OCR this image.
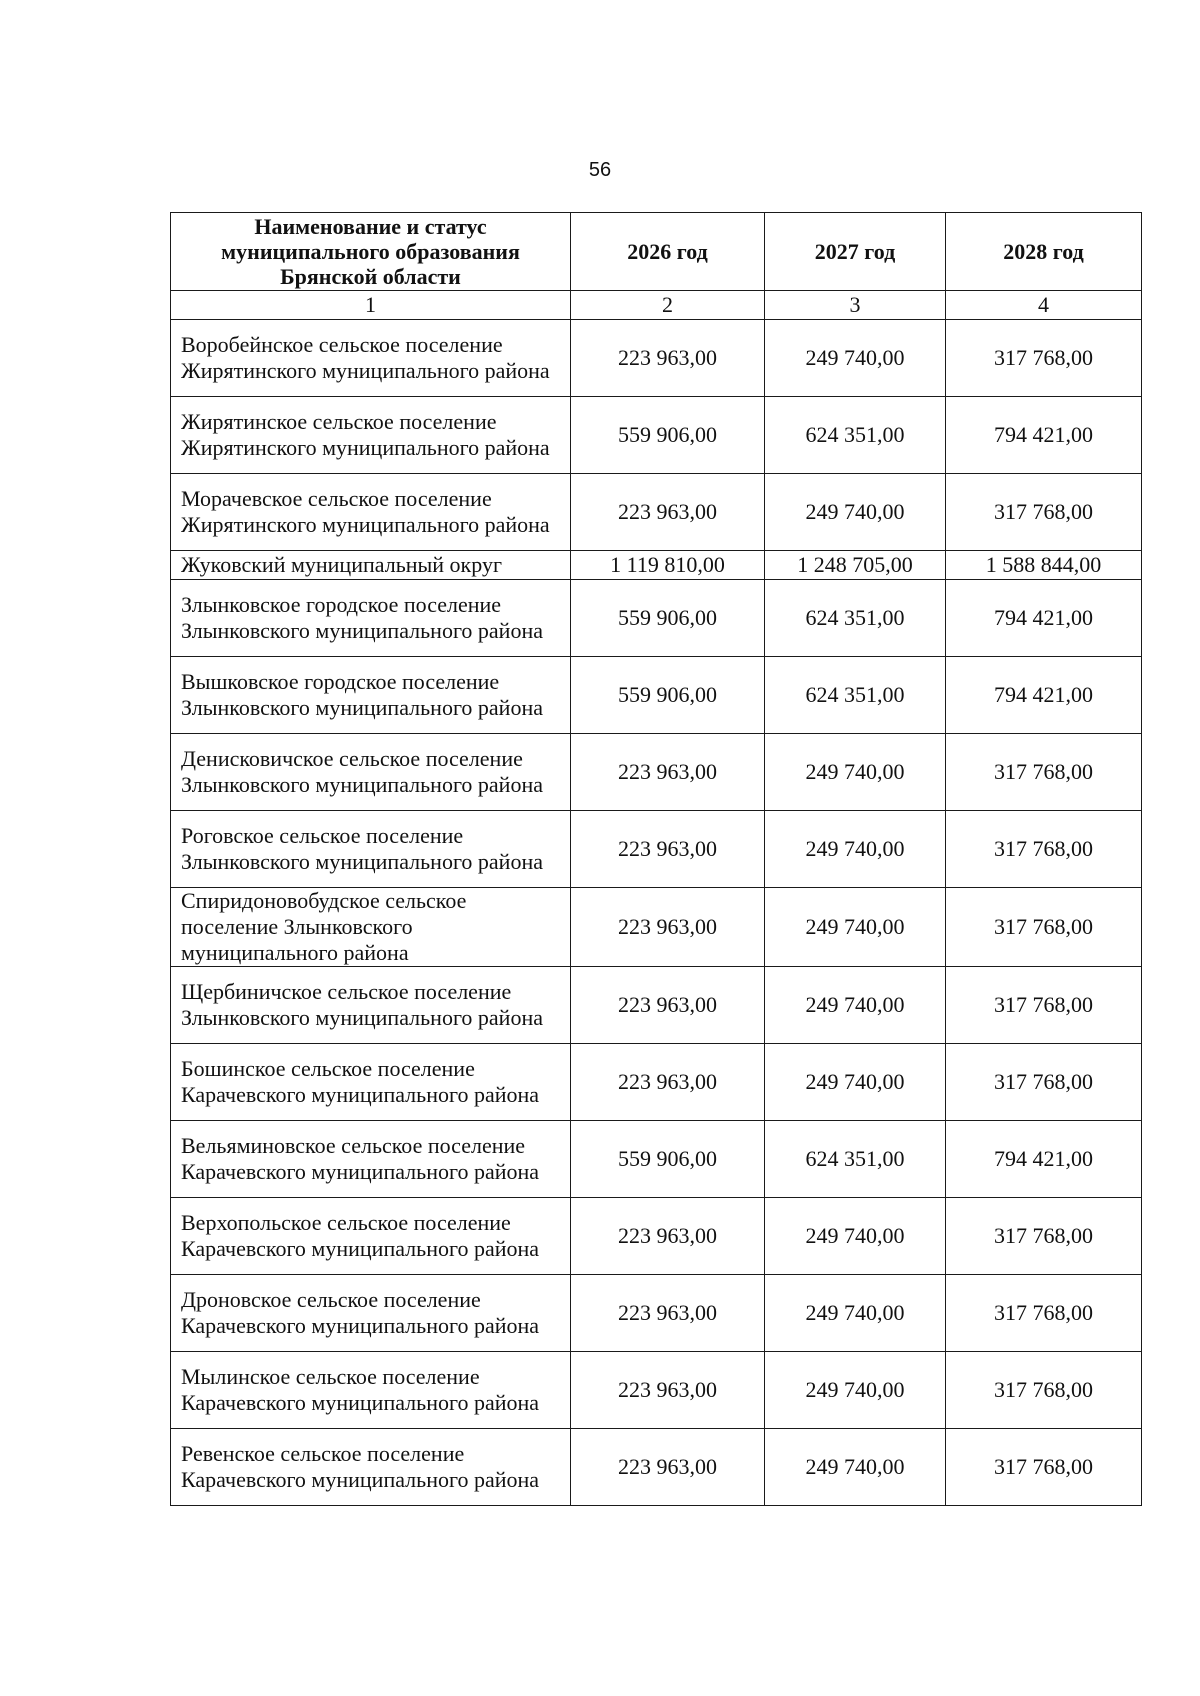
56
Наименование и статус муниципального образования Брянской области	2026 год	2027 год	2028 год
1	2	3	4
Воробейнское сельское поселение Жирятинского муниципального района	223 963,00	249 740,00	317 768,00
Жирятинское сельское поселение Жирятинского муниципального района	559 906,00	624 351,00	794 421,00
Морачевское сельское поселение Жирятинского муниципального района	223 963,00	249 740,00	317 768,00
Жуковский муниципальный округ	1 119 810,00	1 248 705,00	1 588 844,00
Злынковское городское поселение Злынковского муниципального района	559 906,00	624 351,00	794 421,00
Вышковское городское поселение Злынковского муниципального района	559 906,00	624 351,00	794 421,00
Денисковичское сельское поселение Злынковского муниципального района	223 963,00	249 740,00	317 768,00
Роговское сельское поселение Злынковского муниципального района	223 963,00	249 740,00	317 768,00
Спиридоновобудское сельское поселение Злынковского муниципального района	223 963,00	249 740,00	317 768,00
Щербиничское сельское поселение Злынковского муниципального района	223 963,00	249 740,00	317 768,00
Бошинское сельское поселение Карачевского муниципального района	223 963,00	249 740,00	317 768,00
Вельяминовское сельское поселение Карачевского муниципального района	559 906,00	624 351,00	794 421,00
Верхопольское сельское поселение Карачевского муниципального района	223 963,00	249 740,00	317 768,00
Дроновское сельское поселение Карачевского муниципального района	223 963,00	249 740,00	317 768,00
Мылинское сельское поселение Карачевского муниципального района	223 963,00	249 740,00	317 768,00
Ревенское сельское поселение Карачевского муниципального района	223 963,00	249 740,00	317 768,00
